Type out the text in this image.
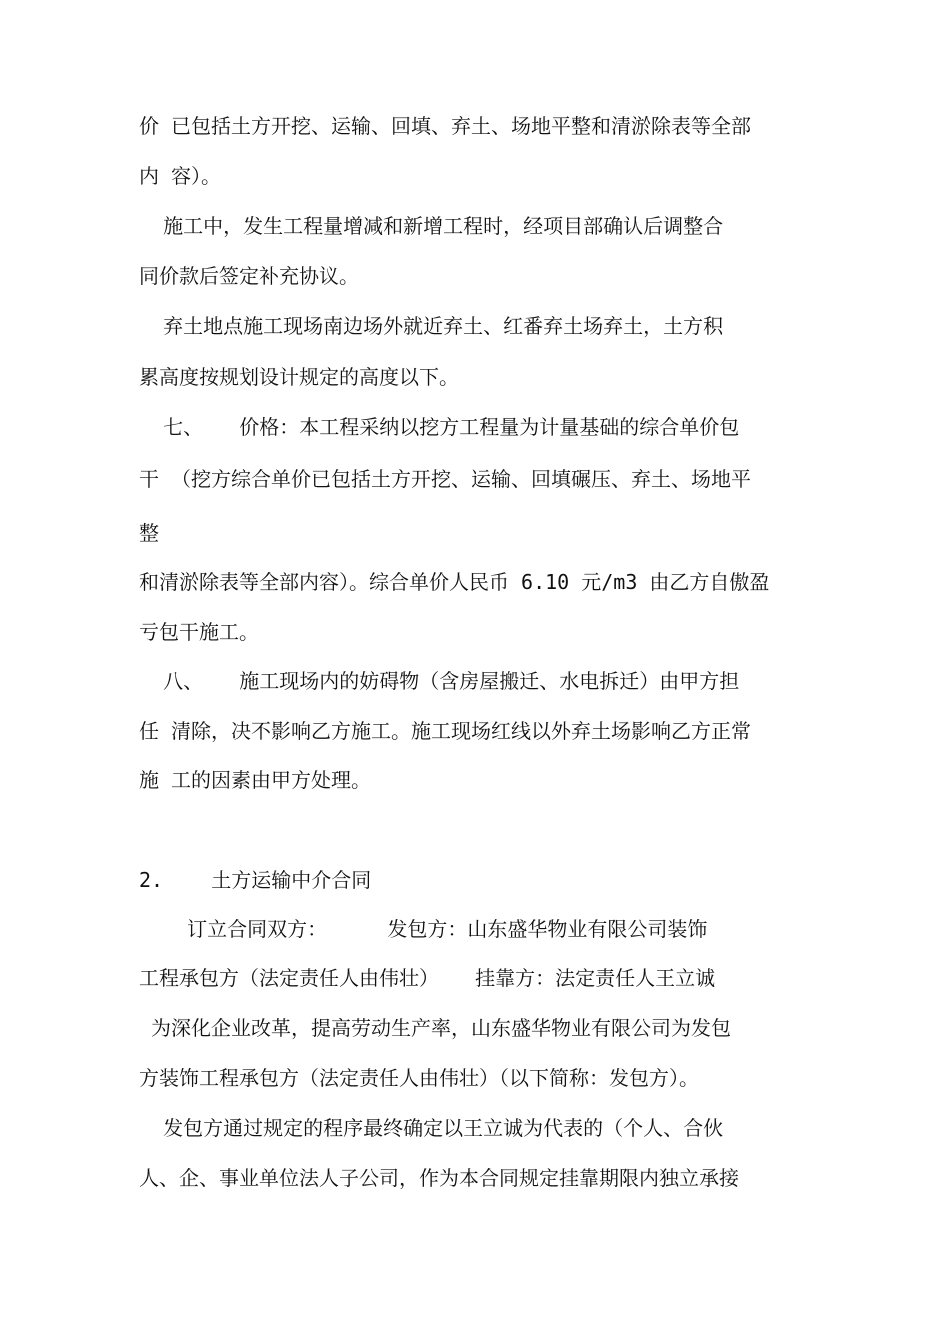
价 已包括土方开挖、运输、回填、弃土、场地平整和清淤除表等全部
内 容）。
施工中，发生工程量增减和新增工程时，经项目部确认后调整合
同价款后签定补充协议。
弃土地点施工现场南边场外就近弃土、红番弃土场弃土，土方积
累高度按规划设计规定的高度以下。
七、   价格：本工程采纳以挖方工程量为计量基础的综合单价包
干 （挖方综合单价已包括土方开挖、运输、回填碾压、弃土、场地平
整
和清淤除表等全部内容）。综合单价人民币 6.10 元/m3 由乙方自傲盈
亏包干施工。
八、   施工现场内的妨碍物（含房屋搬迁、水电拆迁）由甲方担
任 清除，决不影响乙方施工。施工现场红线以外弃土场影响乙方正常
施 工的因素由甲方处理。
2.    土方运输中介合同
订立合同双方：     发包方：山东盛华物业有限公司装饰
工程承包方（法定责任人由伟壮）   挂靠方：法定责任人王立诚
为深化企业改革，提高劳动生产率，山东盛华物业有限公司为发包
方装饰工程承包方（法定责任人由伟壮）（以下简称：发包方）。
发包方通过规定的程序最终确定以王立诚为代表的（个人、合伙
人、企、事业单位法人子公司，作为本合同规定挂靠期限内独立承接
